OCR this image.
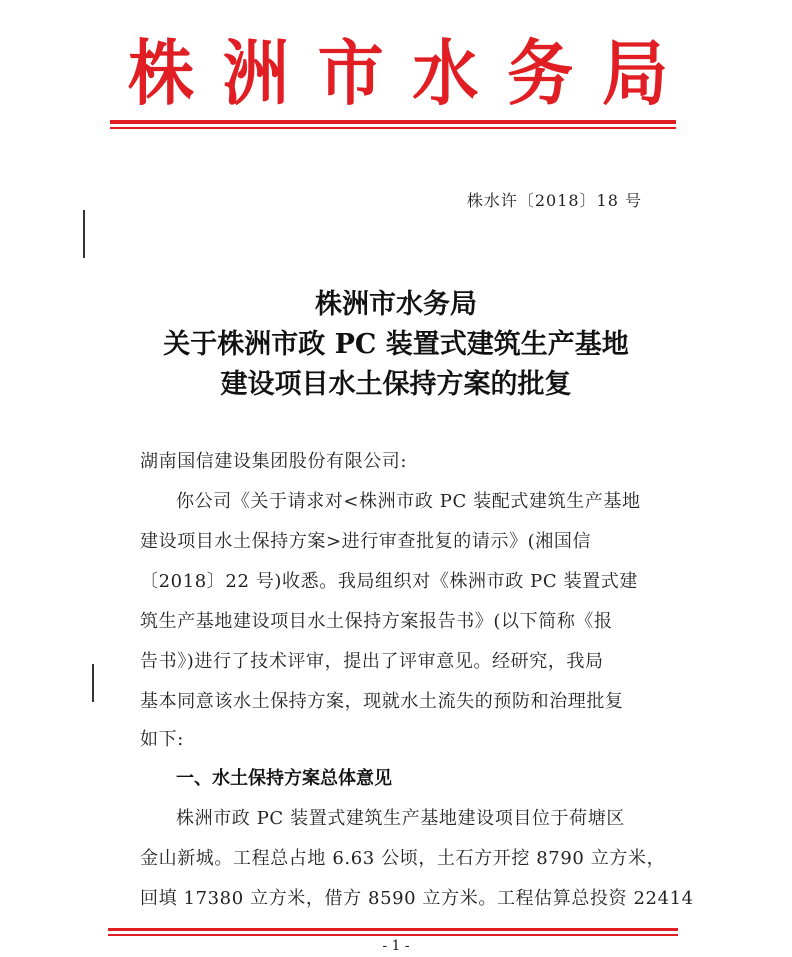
株 洲 市 水 务 局
株水许〔2018〕18 号
株洲市水务局
关于株洲市政 PC 装置式建筑生产基地
建设项目水土保持方案的批复
湖南国信建设集团股份有限公司:
你公司《关于请求对<株洲市政 PC 装配式建筑生产基地
建设项目水土保持方案>进行审查批复的请示》(湘国信
〔2018〕22 号)收悉。我局组织对《株洲市政 PC 装置式建
筑生产基地建设项目水土保持方案报告书》(以下简称《报
告书》)进行了技术评审，提出了评审意见。经研究，我局
基本同意该水土保持方案，现就水土流失的预防和治理批复
如下:
一、水土保持方案总体意见
株洲市政 PC 装置式建筑生产基地建设项目位于荷塘区
金山新城。工程总占地 6.63 公顷，土石方开挖 8790 立方米，
回填 17380 立方米，借方 8590 立方米。工程估算总投资 22414
- 1 -
